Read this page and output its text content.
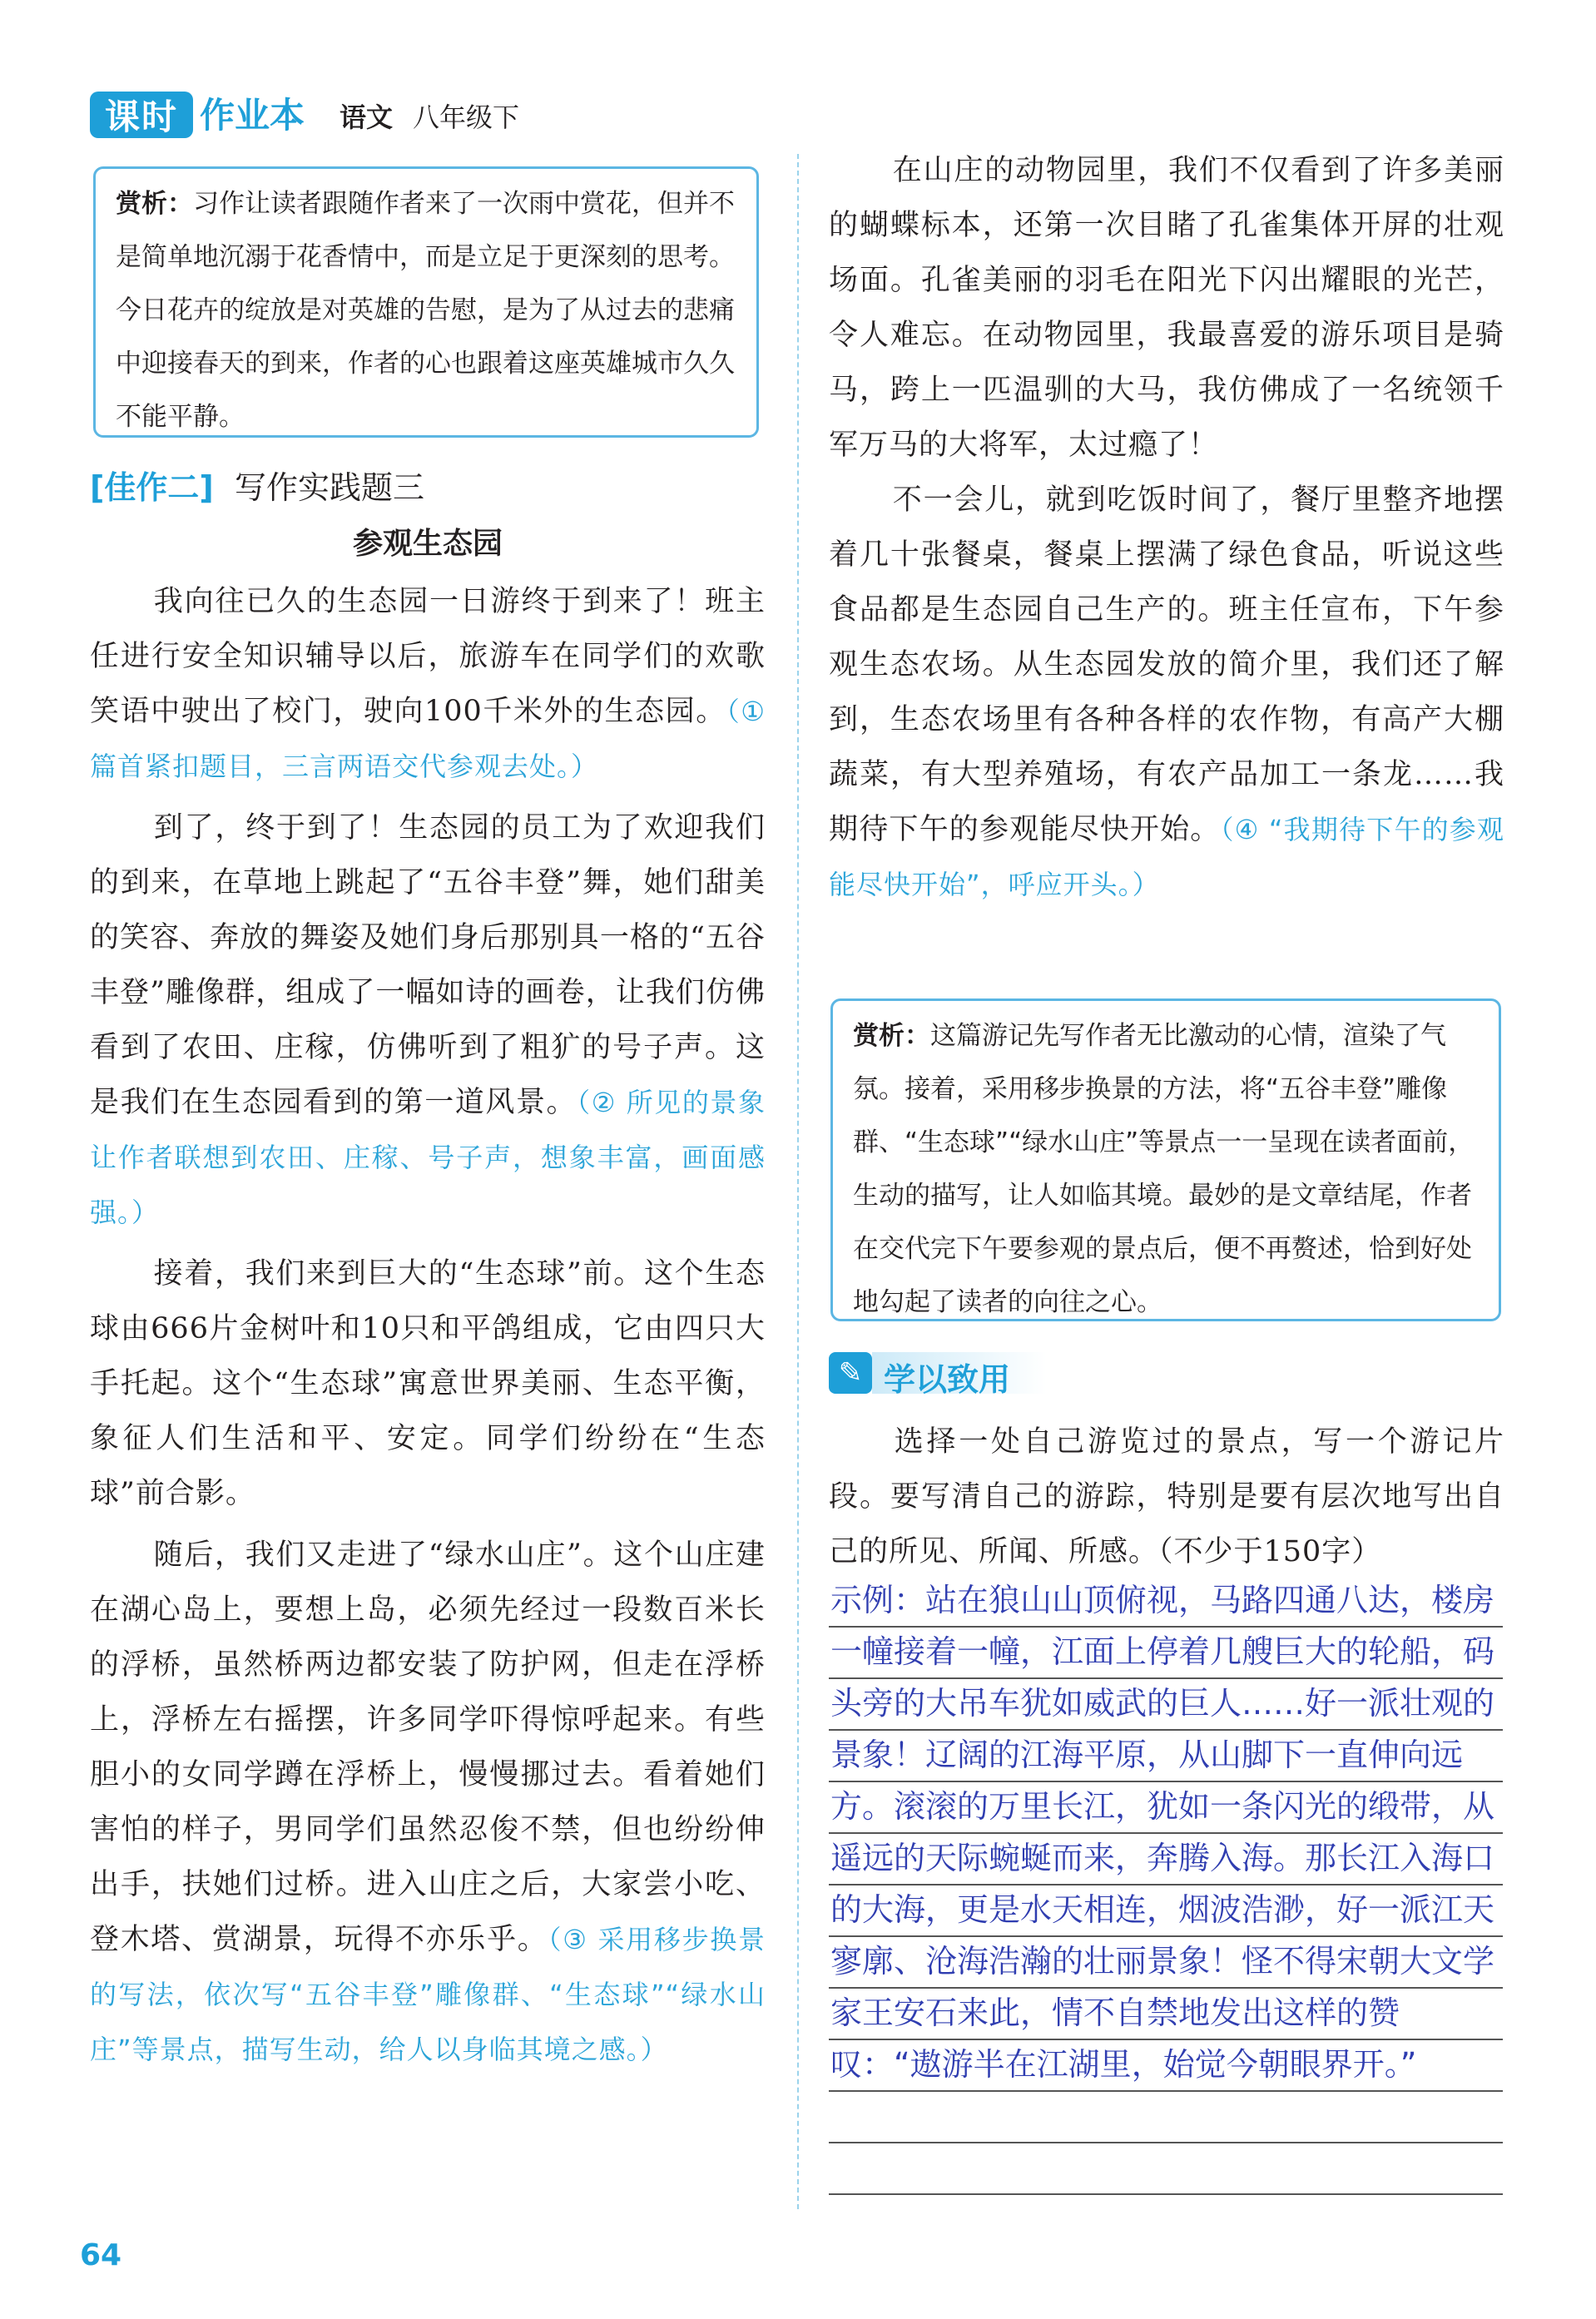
课时 作业本 语文 八年级下
赏析：习作让读者跟随作者来了一次雨中赏花，但并不是简单地沉溺于花香情中，而是立足于更深刻的思考。今日花卉的绽放是对英雄的告慰，是为了从过去的悲痛中迎接春天的到来，作者的心也跟着这座英雄城市久久不能平静。
[佳作二] 写作实践题三
参观生态园

我向往已久的生态园一日游终于到来了！班主任进行安全知识辅导以后，旅游车在同学们的欢歌笑语中驶出了校门，驶向100千米外的生态园。（① 篇首紧扣题目，三言两语交代参观去处。）

到了，终于到了！生态园的员工为了欢迎我们的到来，在草地上跳起了“五谷丰登”舞，她们甜美的笑容、奔放的舞姿及她们身后那别具一格的“五谷丰登”雕像群，组成了一幅如诗的画卷，让我们仿佛看到了农田、庄稼，仿佛听到了粗犷的号子声。这是我们在生态园看到的第一道风景。（② 所见的景象让作者联想到农田、庄稼、号子声，想象丰富，画面感强。）

接着，我们来到巨大的“生态球”前。这个生态球由666片金树叶和10只和平鸽组成，它由四只大手托起。这个“生态球”寓意世界美丽、生态平衡，象征人们生活和平、安定。同学们纷纷在“生态球”前合影。

随后，我们又走进了“绿水山庄”。这个山庄建在湖心岛上，要想上岛，必须先经过一段数百米长的浮桥，虽然桥两边都安装了防护网，但走在浮桥上，浮桥左右摇摆，许多同学吓得惊呼起来。有些胆小的女同学蹲在浮桥上，慢慢挪过去。看着她们害怕的样子，男同学们虽然忍俊不禁，但也纷纷伸出手，扶她们过桥。进入山庄之后，大家尝小吃、登木塔、赏湖景，玩得不亦乐乎。（③ 采用移步换景的写法，依次写“五谷丰登”雕像群、“生态球”“绿水山庄”等景点，描写生动，给人以身临其境之感。）

在山庄的动物园里，我们不仅看到了许多美丽的蝴蝶标本，还第一次目睹了孔雀集体开屏的壮观场面。孔雀美丽的羽毛在阳光下闪出耀眼的光芒，令人难忘。在动物园里，我最喜爱的游乐项目是骑马，跨上一匹温驯的大马，我仿佛成了一名统领千军万马的大将军，太过瘾了！

不一会儿，就到吃饭时间了，餐厅里整齐地摆着几十张餐桌，餐桌上摆满了绿色食品，听说这些食品都是生态园自己生产的。班主任宣布，下午参观生态农场。从生态园发放的简介里，我们还了解到，生态农场里有各种各样的农作物，有高产大棚蔬菜，有大型养殖场，有农产品加工一条龙……我期待下午的参观能尽快开始。（④ “我期待下午的参观能尽快开始”，呼应开头。）

赏析：这篇游记先写作者无比激动的心情，渲染了气氛。接着，采用移步换景的方法，将“五谷丰登”雕像群、“生态球”“绿水山庄”等景点一一呈现在读者面前，生动的描写，让人如临其境。最妙的是文章结尾，作者在交代完下午要参观的景点后，便不再赘述，恰到好处地勾起了读者的向往之心。
✎ 学以致用
选择一处自己游览过的景点，写一个游记片段。要写清自己的游踪，特别是要有层次地写出自己的所见、所闻、所感。（不少于150字）
示例：站在狼山山顶俯视，马路四通八达，楼房一幢接着一幢，江面上停着几艘巨大的轮船，码头旁的大吊车犹如威武的巨人……好一派壮观的景象！辽阔的江海平原，从山脚下一直伸向远方。滚滚的万里长江，犹如一条闪光的缎带，从遥远的天际蜿蜒而来，奔腾入海。那长江入海口的大海，更是水天相连，烟波浩渺，好一派江天寥廓、沧海浩瀚的壮丽景象！怪不得宋朝大文学家王安石来此，情不自禁地发出这样的赞叹：“遨游半在江湖里，始觉今朝眼界开。”
64
